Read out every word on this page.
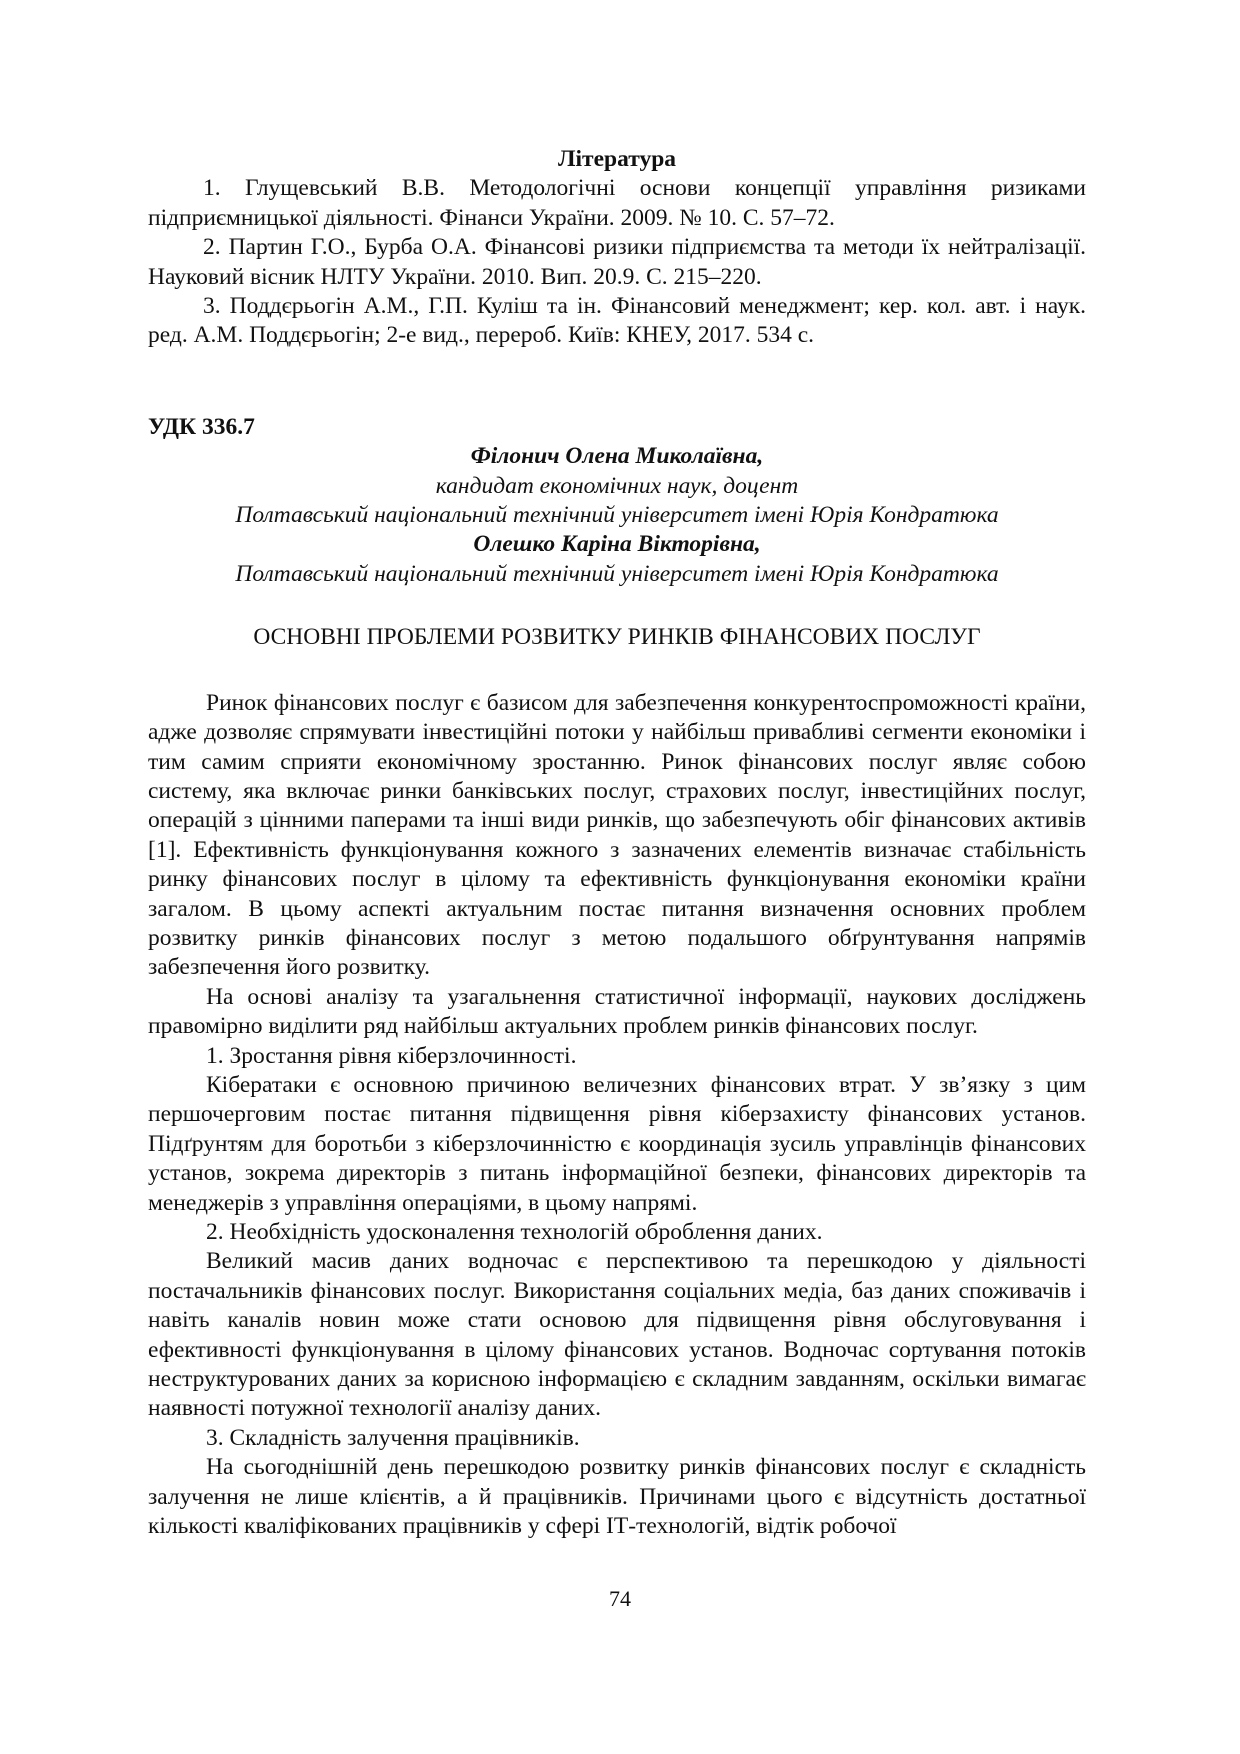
Література

1. Глущевський В.В. Методологічні основи концепції управління ризиками підприємницької діяльності. Фінанси України. 2009. № 10. С. 57–72.

2. Партин Г.О., Бурба О.А. Фінансові ризики підприємства та методи їх нейтралізації. Науковий вісник НЛТУ України. 2010. Вип. 20.9. С. 215–220.

3. Поддєрьогін А.М., Г.П. Куліш та ін. Фінансовий менеджмент; кер. кол. авт. і наук. ред. А.М. Поддєрьогін; 2-е вид., перероб. Київ: КНЕУ, 2017. 534 с.

УДК 336.7

Філонич Олена Миколаївна,
кандидат економічних наук, доцент
Полтавський національний технічний університет імені Юрія Кондратюка
Олешко Каріна Вікторівна,
Полтавський національний технічний університет імені Юрія Кондратюка

ОСНОВНІ ПРОБЛЕМИ РОЗВИТКУ РИНКІВ ФІНАНСОВИХ ПОСЛУГ

Ринок фінансових послуг є базисом для забезпечення конкурентоспроможності країни, адже дозволяє спрямувати інвестиційні потоки у найбільш привабливі сегменти економіки і тим самим сприяти економічному зростанню. Ринок фінансових послуг являє собою систему, яка включає ринки банківських послуг, страхових послуг, інвестиційних послуг, операцій з цінними паперами та інші види ринків, що забезпечують обіг фінансових активів [1]. Ефективність функціонування кожного з зазначених елементів визначає стабільність ринку фінансових послуг в цілому та ефективність функціонування економіки країни загалом. В цьому аспекті актуальним постає питання визначення основних проблем розвитку ринків фінансових послуг з метою подальшого обґрунтування напрямів забезпечення його розвитку.

На основі аналізу та узагальнення статистичної інформації, наукових досліджень правомірно виділити ряд найбільш актуальних проблем ринків фінансових послуг.

1. Зростання рівня кіберзлочинності.

Кібератаки є основною причиною величезних фінансових втрат. У зв’язку з цим першочерговим постає питання підвищення рівня кіберзахисту фінансових установ. Підґрунтям для боротьби з кіберзлочинністю є координація зусиль управлінців фінансових установ, зокрема директорів з питань інформаційної безпеки, фінансових директорів та менеджерів з управління операціями, в цьому напрямі.

2. Необхідність удосконалення технологій оброблення даних.

Великий масив даних водночас є перспективою та перешкодою у діяльності постачальників фінансових послуг. Використання соціальних медіа, баз даних споживачів і навіть каналів новин може стати основою для підвищення рівня обслуговування і ефективності функціонування в цілому фінансових установ. Водночас сортування потоків неструктурованих даних за корисною інформацією є складним завданням, оскільки вимагає наявності потужної технології аналізу даних.

3. Складність залучення працівників.

На сьогоднішній день перешкодою розвитку ринків фінансових послуг є складність залучення не лише клієнтів, а й працівників. Причинами цього є відсутність достатньої кількості кваліфікованих працівників у сфері ІТ-технологій, відтік робочої

74
